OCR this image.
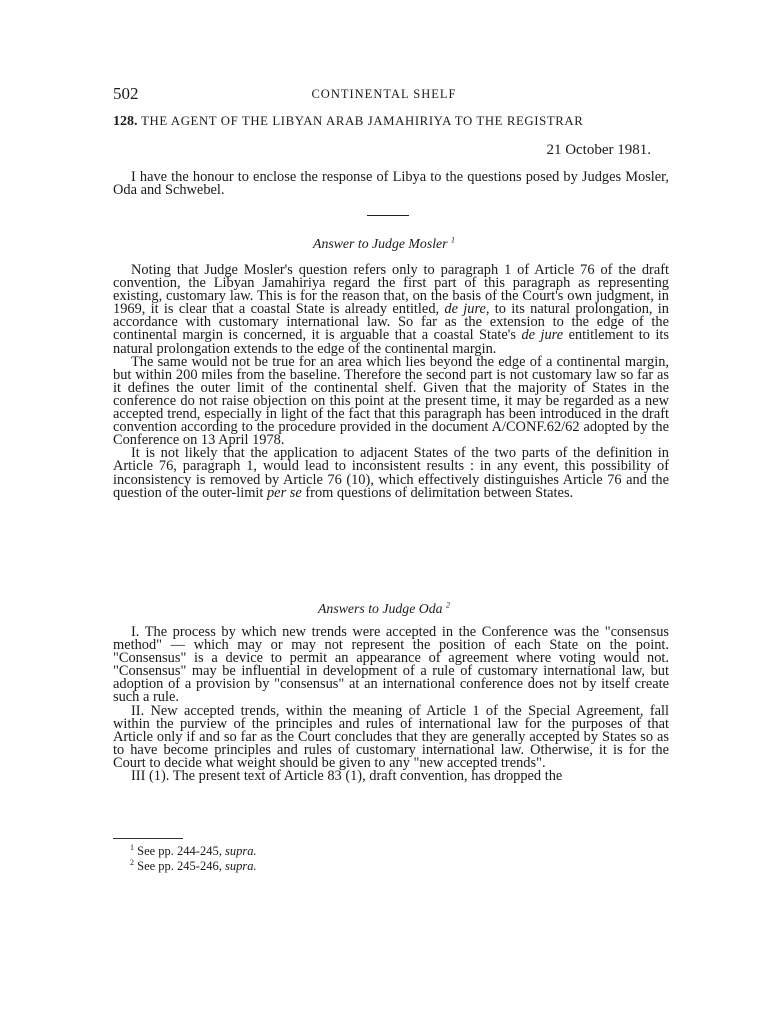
502	CONTINENTAL SHELF
128. THE AGENT OF THE LIBYAN ARAB JAMAHIRIYA TO THE REGISTRAR
21 October 1981.

I have the honour to enclose the response of Libya to the questions posed by Judges Mosler, Oda and Schwebel.

Answer to Judge Mosler $^1$

Noting that Judge Mosler's question refers only to paragraph 1 of Article 76 of the draft convention, the Libyan Jamahiriya regard the first part of this paragraph as representing existing, customary law. This is for the reason that, on the basis of the Court's own judgment, in 1969, it is clear that a coastal State is already entitled, de jure, to its natural prolongation, in accordance with customary international law. So far as the extension to the edge of the continental margin is concerned, it is arguable that a coastal State's de jure entitlement to its natural prolongation extends to the edge of the continental margin.

The same would not be true for an area which lies beyond the edge of a continental margin, but within 200 miles from the baseline. Therefore the second part is not customary law so far as it defines the outer limit of the continental shelf. Given that the majority of States in the conference do not raise objection on this point at the present time, it may be regarded as a new accepted trend, especially in light of the fact that this paragraph has been introduced in the draft convention according to the procedure provided in the document A/CONF.62/62 adopted by the Conference on 13 April 1978.

It is not likely that the application to adjacent States of the two parts of the definition in Article 76, paragraph 1, would lead to inconsistent results : in any event, this possibility of inconsistency is removed by Article 76 (10), which effectively distinguishes Article 76 and the question of the outer-limit per se from questions of delimitation between States.

Answers to Judge Oda $^2$

I. The process by which new trends were accepted in the Conference was the "consensus method" — which may or may not represent the position of each State on the point. "Consensus" is a device to permit an appearance of agreement where voting would not. "Consensus" may be influential in development of a rule of customary international law, but adoption of a provision by "consensus" at an international conference does not by itself create such a rule.

II. New accepted trends, within the meaning of Article 1 of the Special Agreement, fall within the purview of the principles and rules of international law for the purposes of that Article only if and so far as the Court concludes that they are generally accepted by States so as to have become principles and rules of customary international law. Otherwise, it is for the Court to decide what weight should be given to any "new accepted trends".

III (1). The present text of Article 83 (1), draft convention, has dropped the

$^1$ See pp. 244-245, supra.
$^2$ See pp. 245-246, supra.
